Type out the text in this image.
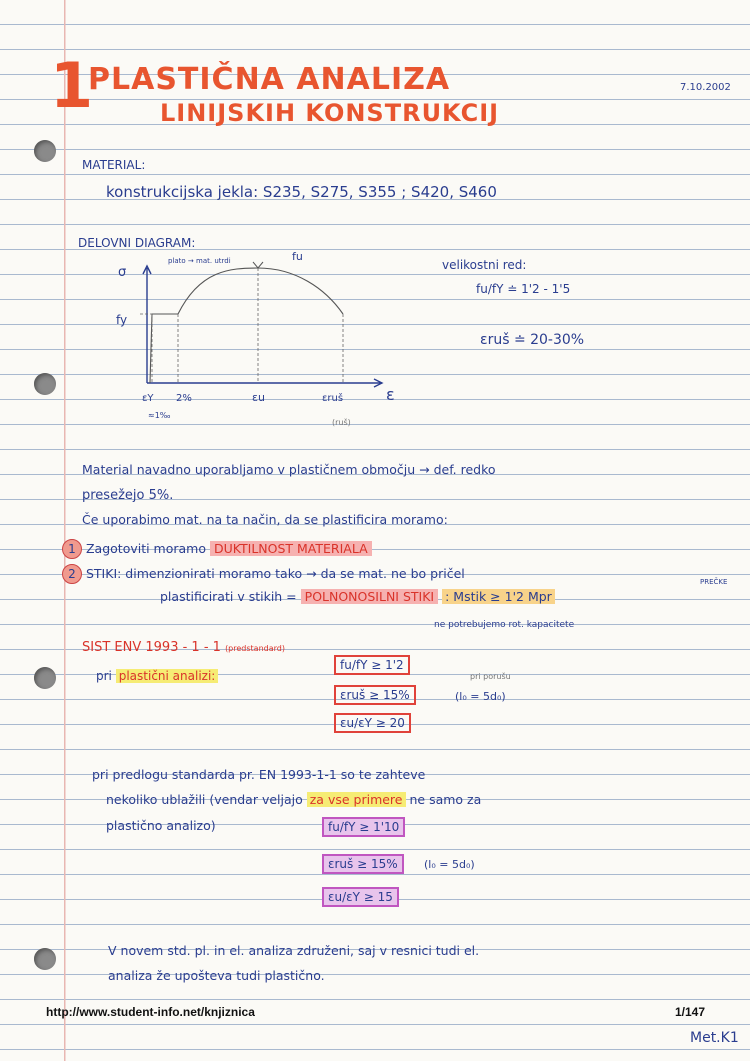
1
PLASTIČNA ANALIZA
LINIJSKIH KONSTRUKCIJ
7.10.2002
MATERIAL:
konstrukcijska jekla: S235, S275, S355 ; S420, S460
DELOVNI DIAGRAM:
σ
ε
plato → mat. utrdi	fu
fy
εY 2%	εu	εruš
≈1‰
(ruš)
velikostni red:
fu/fY ≐ 1'2 - 1'5
εruš ≐ 20-30%
Material navadno uporabljamo v plastičnem območju → def. redko
presežejo 5%.
Če uporabimo mat. na ta način, da se plastificira moramo:
1 Zagotoviti moramo DUKTILNOST MATERIALA
2 STIKI: dimenzionirati moramo tako → da se mat. ne bo pričel
plastificirati v stikih = POLNONOSILNI STIKI : Mstik ≥ 1'2 Mpr
PREČKE
ne potrebujemo rot. kapacitete
SIST ENV 1993 - 1 - 1 (predstandard)
pri plastični analizi:
fu/fY ≥ 1'2
εruš ≥ 15%
pri porušu
(l₀ = 5d₀)
εu/εY ≥ 20
pri predlogu standarda pr. EN 1993-1-1 so te zahteve
nekoliko ublažili (vendar veljajo za vse primere ne samo za
plastično analizo)	fu/fY ≥ 1'10
εruš ≥ 15%	(l₀ = 5d₀)
εu/εY ≥ 15
V novem std. pl. in el. analiza združeni, saj v resnici tudi el.
analiza že upošteva tudi plastično.
http://www.student-info.net/knjiznica	1/147
Met.K1
